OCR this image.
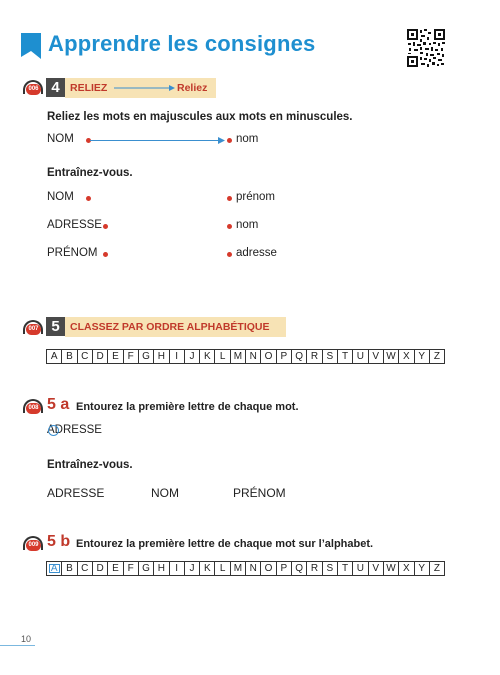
Apprendre les consignes
006 4 RELIEZ	Reliez
Reliez les mots en majuscules aux mots en minuscules.
NOM	nom
Entraînez-vous.
NOM	prénom
ADRESSE	nom
PRÉNOM	adresse
007 5 CLASSEZ PAR ORDRE ALPHABÉTIQUE
A B C D E F G H	I	J K L M N O P Q R S T U V W X Y Z
008 5 a Entourez la première lettre de chaque mot.
ADRESSE
Entraînez-vous.
ADRESSE	NOM	PRÉNOM
009 5 b Entourez la première lettre de chaque mot sur l’alphabet.
A B C D E F G H	I	J K L M N O P Q R S T U V W X Y Z
10
